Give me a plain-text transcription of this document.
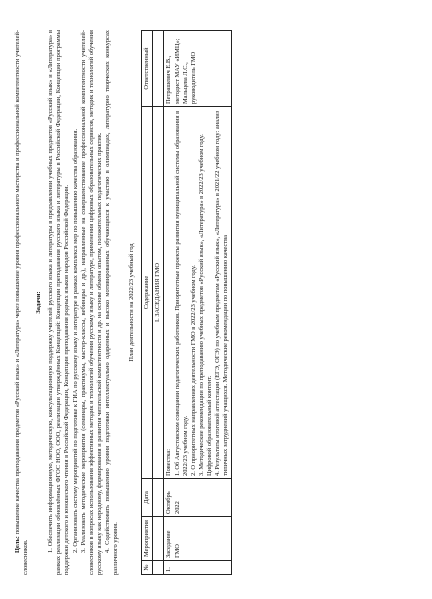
Цель: повышение качества преподавания предметов «Русский язык» и «Литература» через повышение уровня профессионального мастерства и профессиональной компетентности учителей-словесников.

Задачи: 1. Обеспечить информационную, методическую, консультационную поддержку учителей русского языка и литературы в предъявлении учебных предметов «Русский язык» и «Литература» в рамках реализации обновлённых ФГОС НОО, ООО, реализации утверждённых Концепций: Концепции преподавания русского языка и литературы в Российской Федерации, Концепции программы поддержки детского и юношеского чтения в Российской Федерации, Концепции преподавания родных языков народов Российской Федерации. 2. Организовать систему мероприятий по подготовке к ГИА по русскому языку и литературе в рамках комплекса мер по повышению качества образования. 3. Реализовать методические мероприятия (семинары, практикумы, мастер-классы, вебинары и др.), направленные на совершенствование профессиональной компетентности учителей-словесников в вопросах использования эффективных методик и технологий обучения русскому языку и литературе, применения цифровых образовательных сервисов, методик и технологий обучения русскому языку как неродному, формирования и развития читательской компетентности и др. на основе обмена опытом, положительных педагогических практик. 4. Содействовать повышению уровня подготовки интеллектуально одаренных и высоко мотивированных обучающихся к участию в олимпиадах, литературно творческих конкурсах различного уровня.

План деятельности на 2022/23 учебный год

№	Мероприятия	Дата	Содержание	Ответственный
			I. ЗАСЕДАНИЯ ГМО	
1.	Заседание ГМО	Октябрь 2022	Повестка: 1. Об Августовском совещании педагогических работников. Приоритетные проекты развития муниципальной системы образования в 2022/23 учебном году. 2. О приоритетных направлениях деятельности ГМО в 2022/23 учебном году. 3. Методические рекомендации по преподаванию учебных предметов «Русский язык», «Литература» в 2022/23 учебном году. Цифровой образовательный контент. 4. Результаты итоговой аттестации (ЕГЭ, ОГЭ) по учебным предметам «Русский язык», «Литература» в 2021/22 учебном году: анализ типичных затруднений учащихся. Методические рекомендации по повышению качества	Петрашевич Е.В., методист МАУ «ИМЦ»; Мальцева Л.С., руководитель ГМО
